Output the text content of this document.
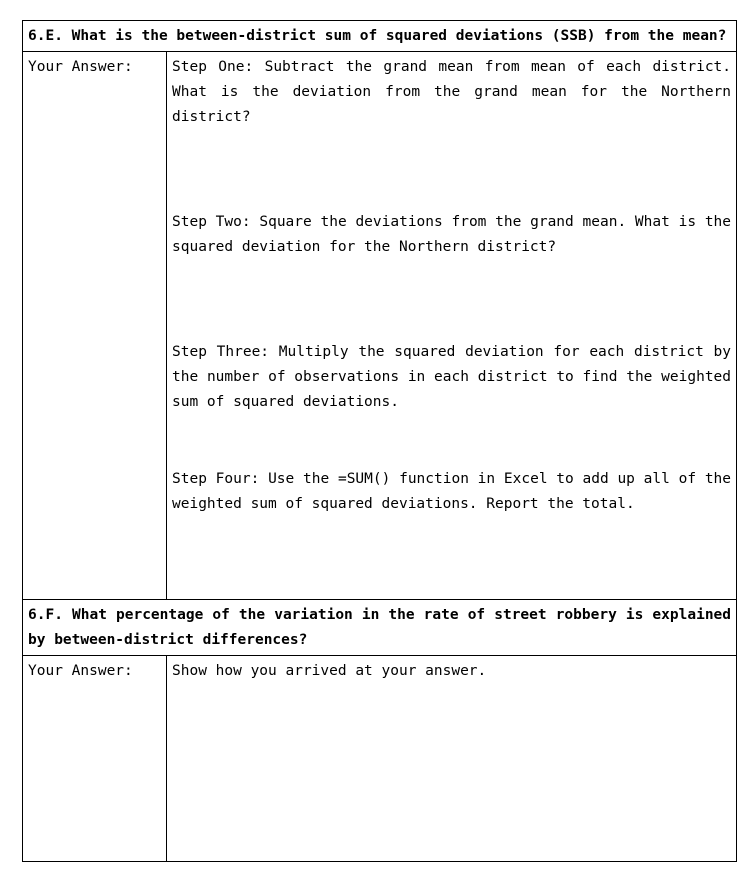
6.E. What is the between-district sum of squared deviations (SSB) from the mean?	
Your Answer:	Step One: Subtract the grand mean from mean of each district. What is the deviation from the grand mean for the Northern district?

Step Two: Square the deviations from the grand mean. What is the squared deviation for the Northern district?

Step Three: Multiply the squared deviation for each district by the number of observations in each district to find the weighted sum of squared deviations.

Step Four: Use the =SUM() function in Excel to add up all of the weighted sum of squared deviations. Report the total.

6.F. What percentage of the variation in the rate of street robbery is explained by between-district differences?	
Your Answer:	Show how you arrived at your answer.
